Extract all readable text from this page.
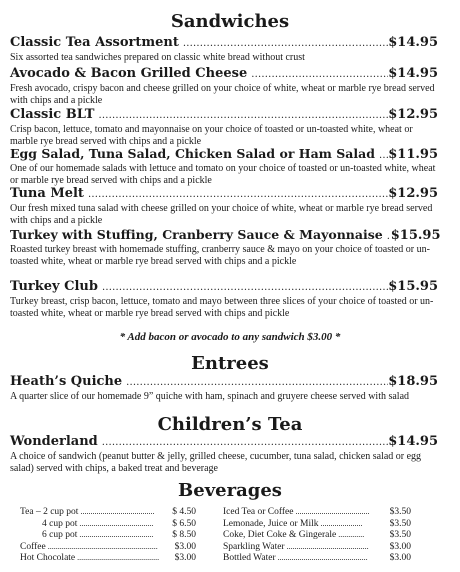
Sandwiches
Classic Tea Assortment .....	$14.95
Six assorted tea sandwiches prepared on classic white bread without crust
Avocado & Bacon Grilled Cheese .....	$14.95
Fresh avocado, crispy bacon and cheese grilled on your choice of white, wheat or marble rye bread served with chips and a pickle
Classic BLT .....	$12.95
Crisp bacon, lettuce, tomato and mayonnaise on your choice of toasted or un-toasted white, wheat or marble rye bread served with chips and a pickle
Egg Salad, Tuna Salad, Chicken Salad or Ham Salad ..... $11.95
One of our homemade salads with lettuce and tomato on your choice of toasted or un-toasted white, wheat or marble rye bread served with chips and a pickle
Tuna Melt .....	$12.95
Our fresh mixed tuna salad with cheese grilled on your choice of white, wheat or marble rye bread served with chips and a pickle
Turkey with Stuffing, Cranberry Sauce & Mayonnaise ..... $15.95
Roasted turkey breast with homemade stuffing, cranberry sauce & mayo on your choice of toasted or un-toasted white, wheat or marble rye bread served with chips and a pickle
Turkey Club .....	$15.95
Turkey breast, crisp bacon, lettuce, tomato and mayo between three slices of your choice of toasted or un-toasted white, wheat or marble rye bread served with chips and pickle
* Add bacon or avocado to any sandwich $3.00 *
Entrees
Heath’s Quiche .....	$18.95
A quarter slice of our homemade 9” quiche with ham, spinach and gruyere cheese served with salad
Children’s Tea
Wonderland .....	$14.95
A choice of sandwich (peanut butter & jelly, grilled cheese, cucumber, tuna salad, chicken salad or egg salad) served with chips, a baked treat and beverage
Beverages
Tea – 2 cup pot .....	$ 4.50
4 cup pot .....	$ 6.50
6 cup pot .....	$ 8.50
Coffee .....	$3.00
Hot Chocolate .....	$3.00
Iced Tea or Coffee .....	$3.50
Lemonade, Juice or Milk .....	$3.50
Coke, Diet Coke & Gingerale .....	$3.50
Sparkling Water .....	$3.00
Bottled Water .....	$3.00
